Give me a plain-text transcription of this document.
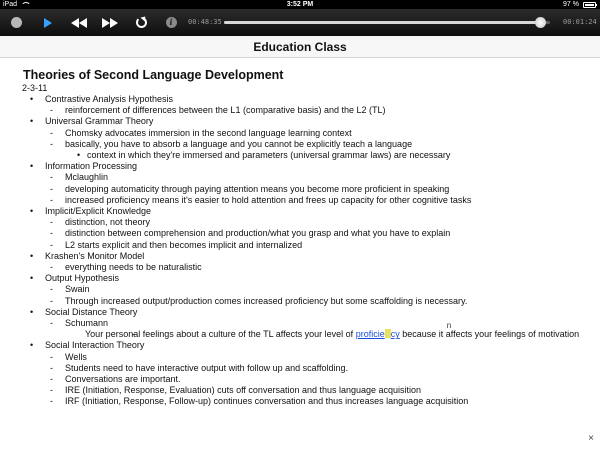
iPad	3:52 PM	97 %
i	00:48:35	00:01:24
Education Class
Theories of Second Language Development
2-3-11
• Contrastive Analysis Hypothesis
- reinforcement of differences between the L1 (comparative basis) and the L2 (TL)
• Universal Grammar Theory
- Chomsky advocates immersion in the second language learning context
- basically, you have to absorb a language and you cannot be explicitly teach a language
• context in which they're immersed and parameters (universal grammar laws) are necessary
• Information Processing
- Mclaughlin
- developing automaticity through paying attention means you become more proficient in speaking
- increased proficiency means it's easier to hold attention and frees up capacity for other cognitive tasks
• Implicit/Explicit Knowledge
- distinction, not theory
- distinction between comprehension and production/what you grasp and what you have to explain
- L2 starts explicit and then becomes implicit and internalized
• Krashen's Monitor Model
- everything needs to be naturalistic
• Output Hypothesis
- Swain
- Through increased output/production comes increased proficiency but some scaffolding is necessary.
• Social Distance Theory
- Schumann
- Your personal feelings about a culture of the TL affects your level of proficie
n
cy because it affects your feelings of motivation
• Social Interaction Theory
- Wells
- Students need to have interactive output with follow up and scaffolding.
- Conversations are important.
- IRE (Initiation, Response, Evaluation) cuts off conversation and thus language acquisition
- IRF (Initiation, Response, Follow-up) continues conversation and thus increases language acquisition
×
